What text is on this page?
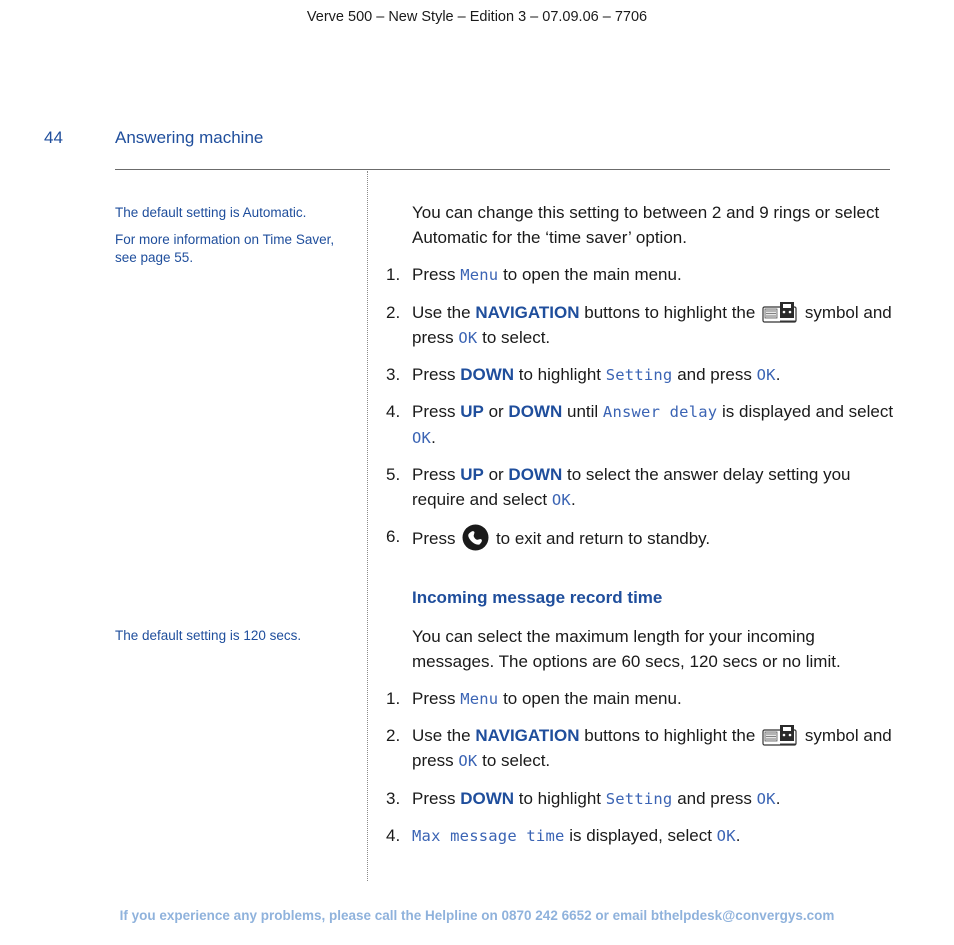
Verve 500 – New Style – Edition 3 – 07.09.06 – 7706
44	Answering machine
The default setting is Automatic.
For more information on Time Saver, see page 55.
The default setting is 120 secs.
You can change this setting to between 2 and 9 rings or select Automatic for the ‘time saver’ option.
1. Press Menu to open the main menu.
2. Use the NAVIGATION buttons to highlight the	symbol and press OK to select.
3. Press DOWN to highlight Setting and press OK.
4. Press UP or DOWN until Answer delay is displayed and select OK.
5. Press UP or DOWN to select the answer delay setting you require and select OK.
6. Press to exit and return to standby.
Incoming message record time
You can select the maximum length for your incoming messages. The options are 60 secs, 120 secs or no limit.
1. Press Menu to open the main menu.
2. Use the NAVIGATION buttons to highlight the	symbol and press OK to select.
3. Press DOWN to highlight Setting and press OK.
4. Max message time is displayed, select OK.
If you experience any problems, please call the Helpline on 0870 242 6652 or email bthelpdesk@convergys.com
